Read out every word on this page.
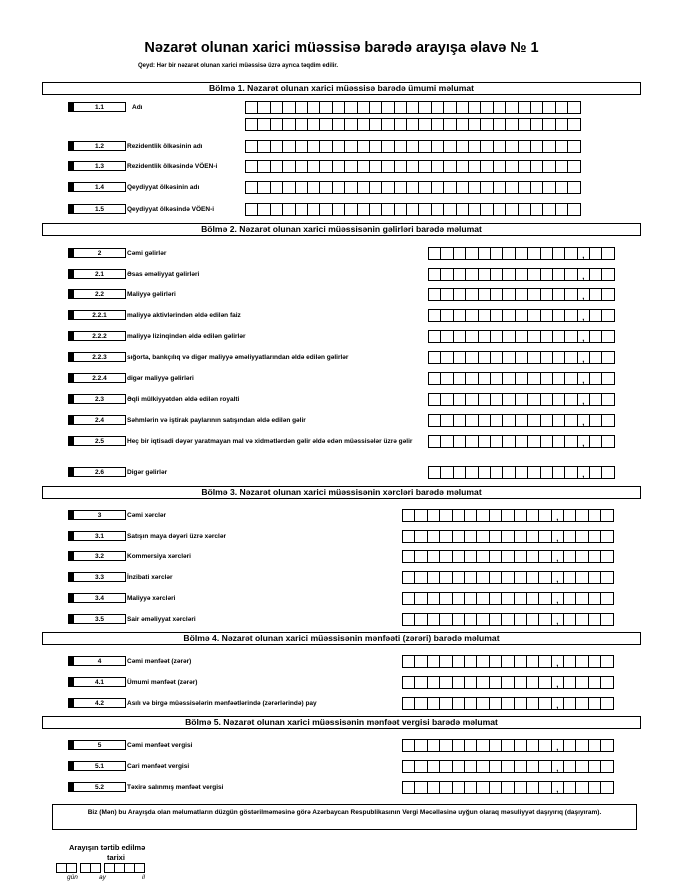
Nəzarət olunan xarici müəssisə barədə arayışa əlavə № 1
Qeyd: Hər bir nəzarət olunan xarici müəssisə üzrə ayrıca təqdim edilir.
Bölmə 1. Nəzarət olunan xarici müəssisə barədə ümumi məlumat
1.1	Adı
1.2	Rezidentlik ölkəsinin adı
1.3	Rezidentlik ölkəsində VÖEN-i
1.4	Qeydiyyat ölkəsinin adı
1.5	Qeydiyyat ölkəsində VÖEN-i
Bölmə 2. Nəzarət olunan xarici müəssisənin gəlirləri barədə məlumat
2	Cəmi gəlirlər	,
2.1	Əsas əməliyyat gəlirləri	,
2.2	Maliyyə gəlirləri	,
2.2.1	maliyyə aktivlərindən əldə edilən faiz	,
2.2.2	maliyyə lizinqindən əldə edilən gəlirlər	,
2.2.3	sığorta, bankçılıq və digər maliyyə əməliyyatlarından əldə edilən gəlirlər	,
2.2.4	digər maliyyə gəlirləri	,
2.3	Əqli mülkiyyətdən əldə edilən royalti	,
2.4	Səhmlərin və iştirak paylarının satışından əldə edilən gəlir	,
2.5	Heç bir iqtisadi dəyər yaratmayan mal və xidmətlərdən gəlir əldə edən müəssisələr üzrə gəlir	,
2.6	Digər gəlirlər	,
Bölmə 3. Nəzarət olunan xarici müəssisənin xərcləri barədə məlumat
3	Cəmi xərclər	,
3.1	Satışın maya dəyəri üzrə xərclər	,
3.2	Kommersiya xərcləri	,
3.3	İnzibati xərclər	,
3.4	Maliyyə xərcləri	,
3.5	Sair əməliyyat xərcləri	,
Bölmə 4. Nəzarət olunan xarici müəssisənin mənfəəti (zərəri) barədə məlumat
4	Cəmi mənfəət (zərər)	,
4.1	Ümumi mənfəət (zərər)	,
4.2	Asılı və birgə müəssisələrin mənfəətlərində (zərərlərində) pay	,
Bölmə 5. Nəzarət olunan xarici müəssisənin mənfəət vergisi barədə məlumat
5	Cəmi mənfəət vergisi	,
5.1	Cari mənfəət vergisi	,
5.2	Təxirə salınmış mənfəət vergisi	,
Biz (Mən) bu Arayışda olan məlumatların düzgün göstərilməməsinə görə Azərbaycan Respublikasının Vergi Məcəlləsinə uyğun olaraq məsuliyyət daşıyırıq (daşıyıram).
Arayışın tərtib edilmə
tarixi
gün	ay	il
